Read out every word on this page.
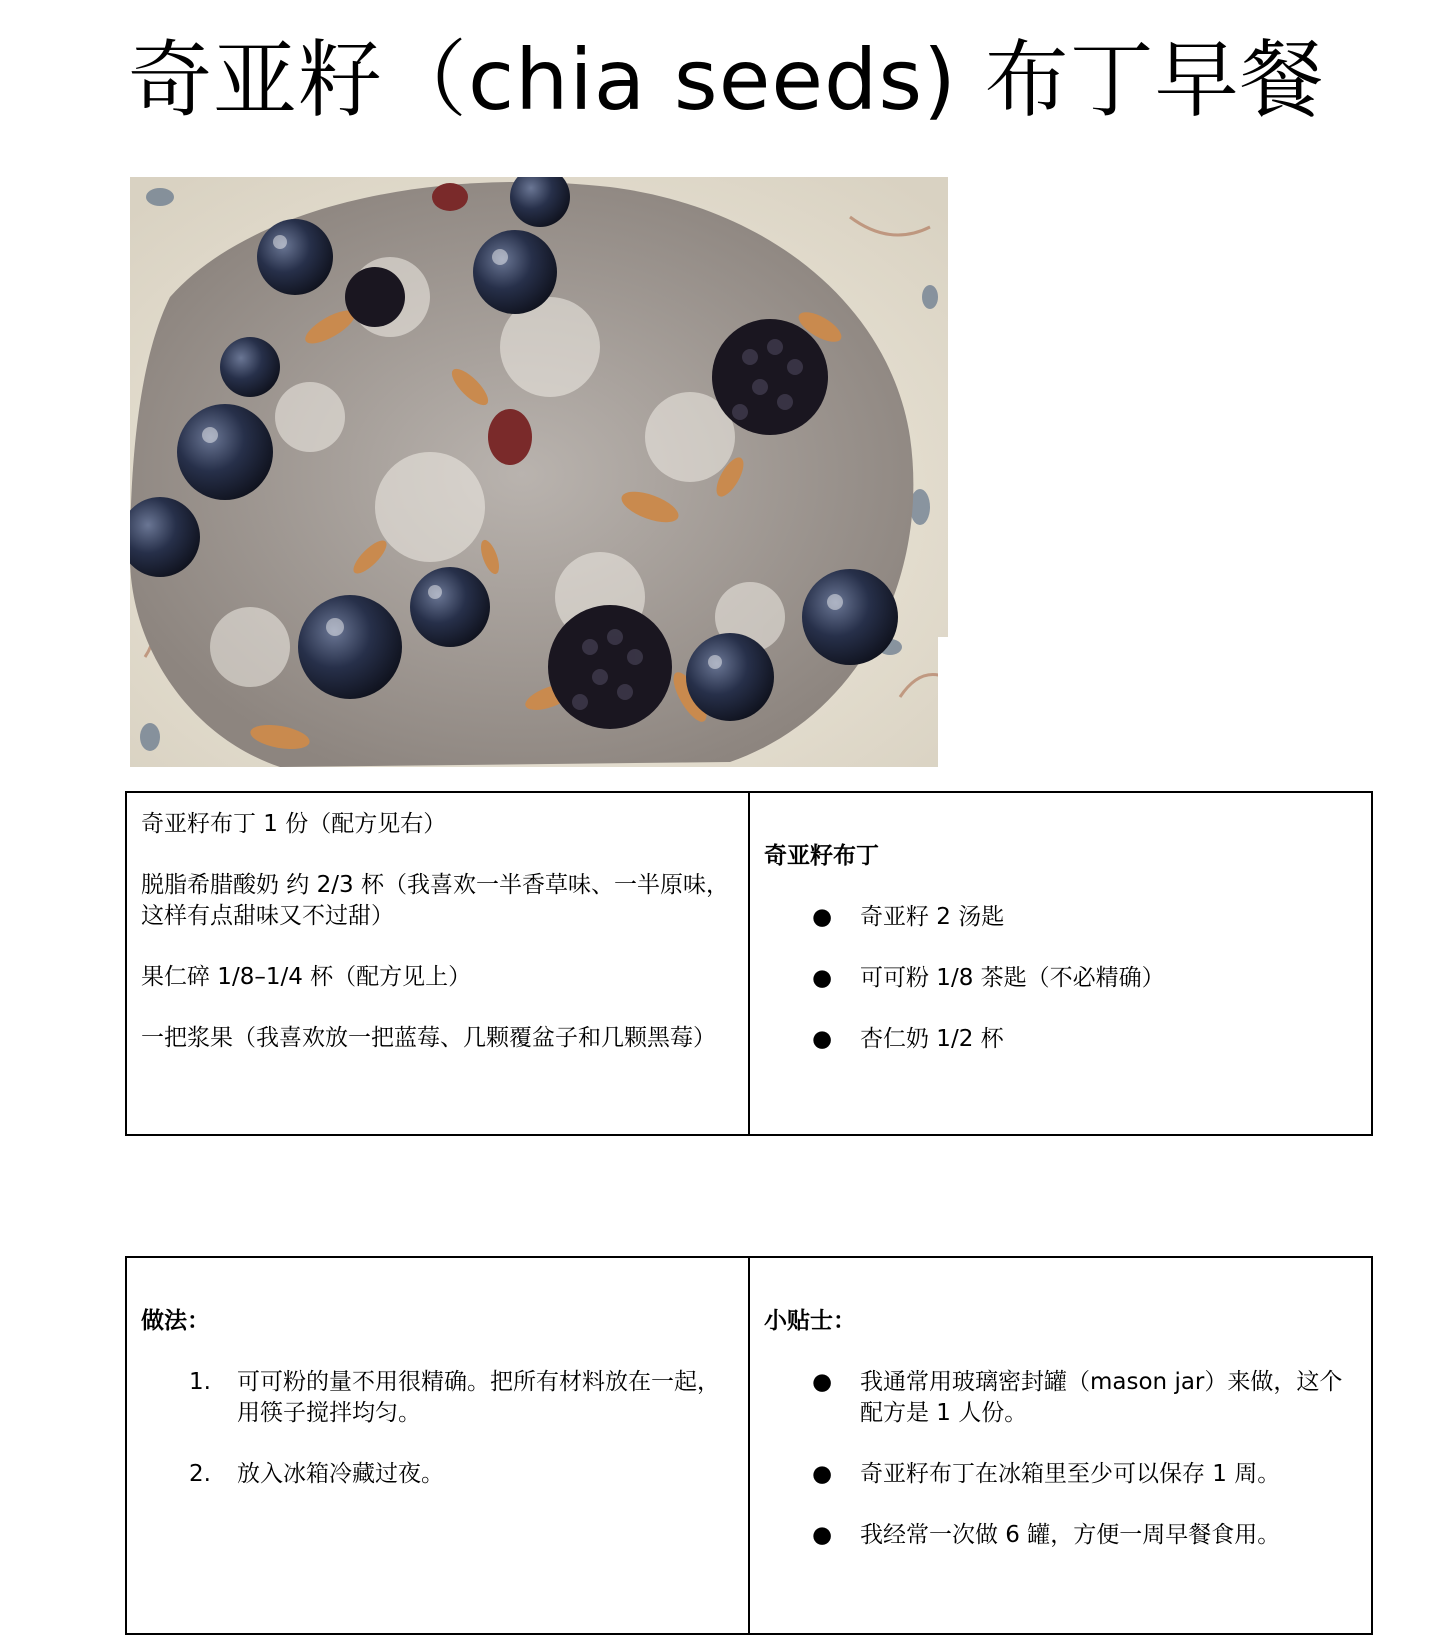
奇亚籽（chia seeds) 布丁早餐

奇亚籽布丁 1 份（配方见右）

脱脂希腊酸奶 约 2/3 杯（我喜欢一半香草味、一半原味，这样有点甜味又不过甜）

果仁碎 1/8–1/4 杯（配方见上）

一把浆果（我喜欢放一把蓝莓、几颗覆盆子和几颗黑莓）

奇亚籽布丁

● 奇亚籽 2 汤匙
● 可可粉 1/8 茶匙（不必精确）
● 杏仁奶 1/2 杯

做法：

1. 可可粉的量不用很精确。把所有材料放在一起，用筷子搅拌均匀。
2. 放入冰箱冷藏过夜。

小贴士：

● 我通常用玻璃密封罐（mason jar）来做，这个配方是 1 人份。
● 奇亚籽布丁在冰箱里至少可以保存 1 周。
● 我经常一次做 6 罐，方便一周早餐食用。
